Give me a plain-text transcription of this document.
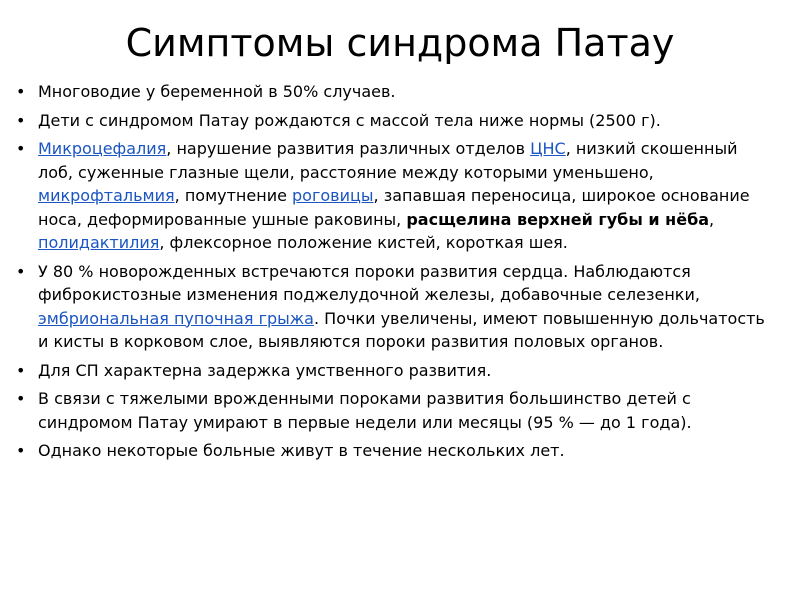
Симптомы синдрома Патау
• Многоводие у беременной в 50% случаев.
• Дети с синдромом Патау рождаются с массой тела ниже нормы (2500 г).
• Микроцефалия, нарушение развития различных отделов ЦНС, низкий скошенный лоб, суженные глазные щели, расстояние между которыми уменьшено, микрофтальмия, помутнение роговицы, запавшая переносица, широкое основание носа, деформированные ушные раковины, расщелина верхней губы и нёба, полидактилия, флексорное положение кистей, короткая шея.
• У 80 % новорожденных встречаются пороки развития сердца. Наблюдаются фиброкистозные изменения поджелудочной железы, добавочные селезенки, эмбриональная пупочная грыжа. Почки увеличены, имеют повышенную дольчатость и кисты в корковом слое, выявляются пороки развития половых органов.
• Для СП характерна задержка умственного развития.
• В связи с тяжелыми врожденными пороками развития большинство детей с синдромом Патау умирают в первые недели или месяцы (95 % — до 1 года).
• Однако некоторые больные живут в течение нескольких лет.
